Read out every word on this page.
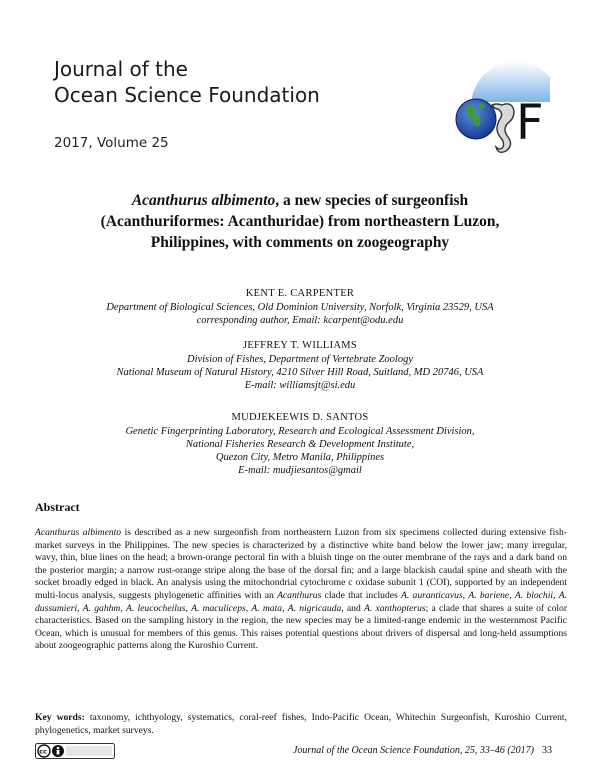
Journal of the
Ocean Science Foundation
2017, Volume 25	F
Acanthurus albimento, a new species of surgeonfish
(Acanthuriformes: Acanthuridae) from northeastern Luzon,
Philippines, with comments on zoogeography
KENT E. CARPENTER
Department of Biological Sciences, Old Dominion University, Norfolk, Virginia 23529, USA
corresponding author, Email: kcarpent@odu.edu
JEFFREY T. WILLIAMS
Division of Fishes, Department of Vertebrate Zoology
National Museum of Natural History, 4210 Silver Hill Road, Suitland, MD 20746, USA
E-mail: williamsjt@si.edu
MUDJEKEEWIS D. SANTOS
Genetic Fingerprinting Laboratory, Research and Ecological Assessment Division,
National Fisheries Research & Development Institute,
Quezon City, Metro Manila, Philippines
E-mail: mudjiesantos@gmail
Abstract
Acanthurus albimento is described as a new surgeonfish from northeastern Luzon from six specimens collected during extensive fish-market surveys in the Philippines. The new species is characterized by a distinctive white band below the lower jaw; many irregular, wavy, thin, blue lines on the head; a brown-orange pectoral fin with a bluish tinge on the outer membrane of the rays and a dark band on the posterior margin; a narrow rust-orange stripe along the base of the dorsal fin; and a large blackish caudal spine and sheath with the socket broadly edged in black. An analysis using the mitochondrial cytochrome c oxidase subunit 1 (COI), supported by an independent multi-locus analysis, suggests phylogenetic affinities with an Acanthurus clade that includes A. auranticavus, A. bariene, A. blochii, A. dussumieri, A. gahhm, A. leucocheilus, A. maculiceps, A. mata, A. nigricauda, and A. xanthopterus; a clade that shares a suite of color characteristics. Based on the sampling history in the region, the new species may be a limited-range endemic in the westernmost Pacific Ocean, which is unusual for members of this genus. This raises potential questions about drivers of dispersal and long-held assumptions about zoogeographic patterns along the Kuroshio Current.
Key words: taxonomy, ichthyology, systematics, coral-reef fishes, Indo-Pacific Ocean, Whitechin Surgeonfish, Kuroshio Current, phylogenetics, market surveys.
cc	Journal of the Ocean Science Foundation, 25, 33–46 (2017) 33
